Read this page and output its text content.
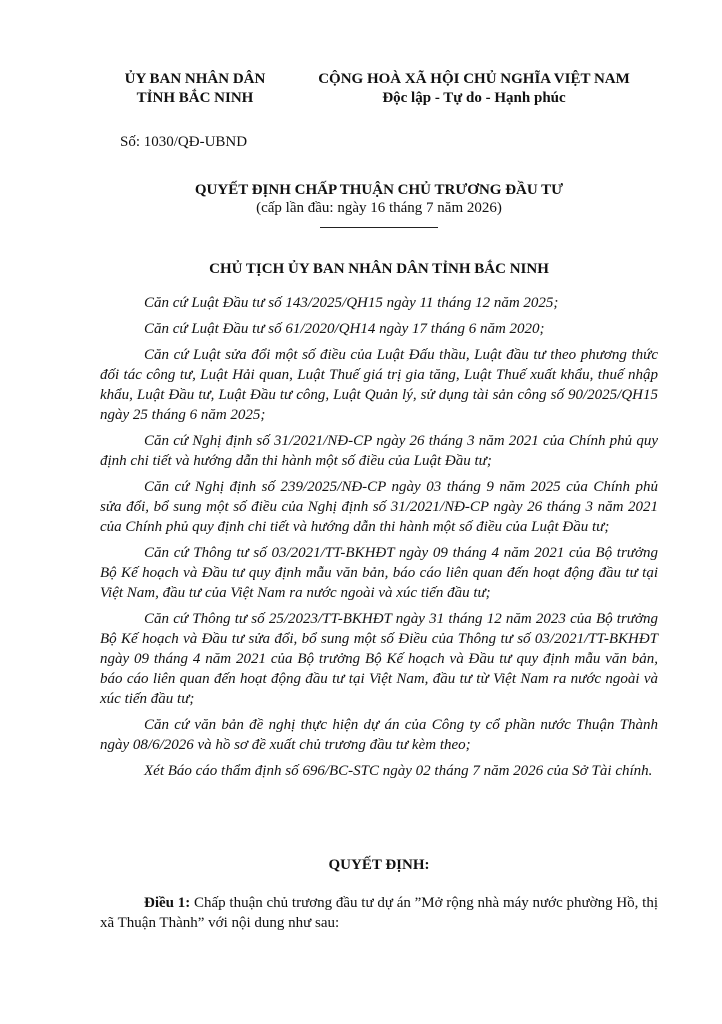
ỦY BAN NHÂN DÂN
TỈNH BẮC NINH
CỘNG HOÀ XÃ HỘI CHỦ NGHĨA VIỆT NAM
Độc lập - Tự do - Hạnh phúc
Số: 1030/QĐ-UBND
QUYẾT ĐỊNH CHẤP THUẬN CHỦ TRƯƠNG ĐẦU TƯ
(cấp lần đầu: ngày 16 tháng 7 năm 2026)
CHỦ TỊCH ỦY BAN NHÂN DÂN TỈNH BẮC NINH

Căn cứ Luật Đầu tư số 143/2025/QH15 ngày 11 tháng 12 năm 2025;

Căn cứ Luật Đầu tư số 61/2020/QH14 ngày 17 tháng 6 năm 2020;

Căn cứ Luật sửa đổi một số điều của Luật Đấu thầu, Luật đầu tư theo phương thức đối tác công tư, Luật Hải quan, Luật Thuế giá trị gia tăng, Luật Thuế xuất khẩu, thuế nhập khẩu, Luật Đầu tư, Luật Đầu tư công, Luật Quản lý, sử dụng tài sản công số 90/2025/QH15 ngày 25 tháng 6 năm 2025;

Căn cứ Nghị định số 31/2021/NĐ-CP ngày 26 tháng 3 năm 2021 của Chính phủ quy định chi tiết và hướng dẫn thi hành một số điều của Luật Đầu tư;

Căn cứ Nghị định số 239/2025/NĐ-CP ngày 03 tháng 9 năm 2025 của Chính phủ sửa đổi, bổ sung một số điều của Nghị định số 31/2021/NĐ-CP ngày 26 tháng 3 năm 2021 của Chính phủ quy định chi tiết và hướng dẫn thi hành một số điều của Luật Đầu tư;

Căn cứ Thông tư số 03/2021/TT-BKHĐT ngày 09 tháng 4 năm 2021 của Bộ trưởng Bộ Kế hoạch và Đầu tư quy định mẫu văn bản, báo cáo liên quan đến hoạt động đầu tư tại Việt Nam, đầu tư của Việt Nam ra nước ngoài và xúc tiến đầu tư;

Căn cứ Thông tư số 25/2023/TT-BKHĐT ngày 31 tháng 12 năm 2023 của Bộ trưởng Bộ Kế hoạch và Đầu tư sửa đổi, bổ sung một số Điều của Thông tư số 03/2021/TT-BKHĐT ngày 09 tháng 4 năm 2021 của Bộ trưởng Bộ Kế hoạch và Đầu tư quy định mẫu văn bản, báo cáo liên quan đến hoạt động đầu tư tại Việt Nam, đầu tư từ Việt Nam ra nước ngoài và xúc tiến đầu tư;

Căn cứ văn bản đề nghị thực hiện dự án của Công ty cổ phần nước Thuận Thành ngày 08/6/2026 và hồ sơ đề xuất chủ trương đầu tư kèm theo;

Xét Báo cáo thẩm định số 696/BC-STC ngày 02 tháng 7 năm 2026 của Sở Tài chính.

QUYẾT ĐỊNH:

Điều 1: Chấp thuận chủ trương đầu tư dự án ”Mở rộng nhà máy nước phường Hồ, thị xã Thuận Thành” với nội dung như sau:
